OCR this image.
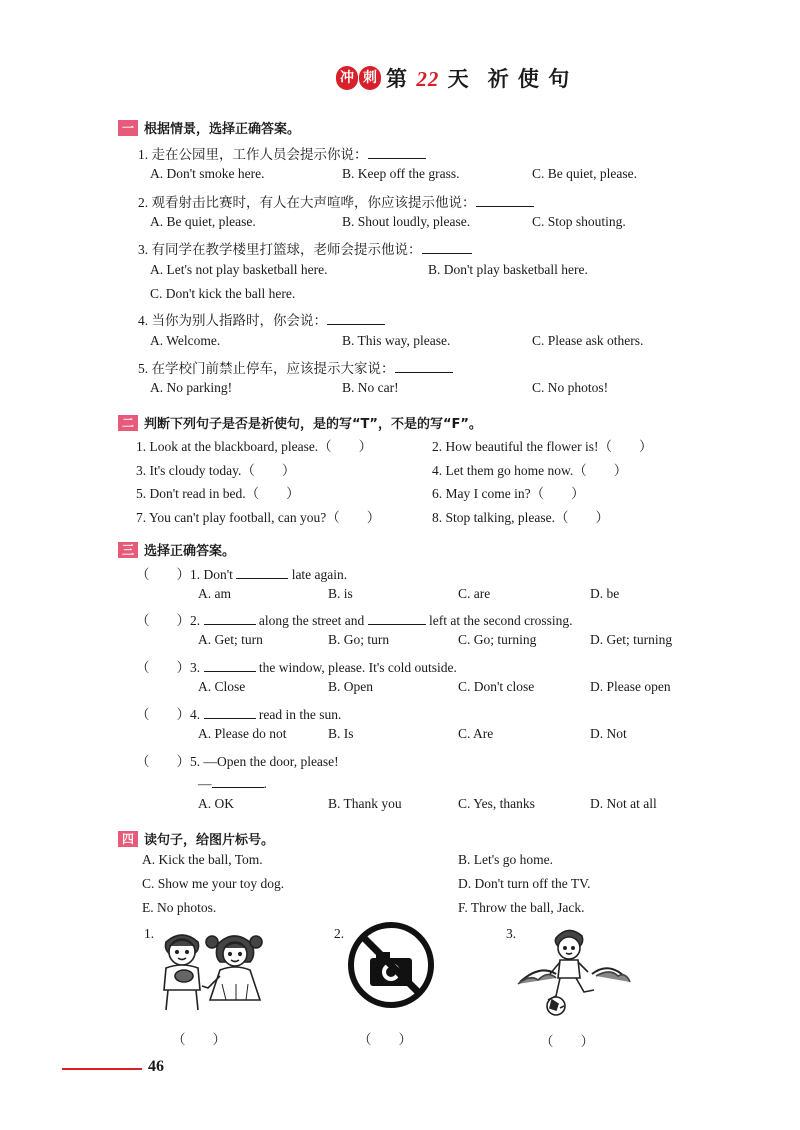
冲 刺 第 22 天 祈 使 句
一 根据情景，选择正确答案。
1. 走在公园里，工作人员会提示你说：
A. Don't smoke here.	B. Keep off the grass.	C. Be quiet, please.
2. 观看射击比赛时，有人在大声喧哗，你应该提示他说：
A. Be quiet, please.	B. Shout loudly, please.	C. Stop shouting.
3. 有同学在教学楼里打篮球，老师会提示他说：
A. Let's not play basketball here.	B. Don't play basketball here.
C. Don't kick the ball here.
4. 当你为别人指路时，你会说：
A. Welcome.	B. This way, please.	C. Please ask others.
5. 在学校门前禁止停车，应该提示大家说：
A. No parking!	B. No car!	C. No photos!
二 判断下列句子是否是祈使句，是的写“T”，不是的写“F”。
1. Look at the blackboard, please.（　　）	2. How beautiful the flower is!（　　）
3. It's cloudy today.（　　）	4. Let them go home now.（　　）
5. Don't read in bed.（　　）	6. May I come in?（　　）
7. You can't play football, can you?（　　）	8. Stop talking, please.（　　）
三 选择正确答案。
（　　）1. Don't	late again.
A. am	B. is	C. are	D. be
（　　）2.	along the street and	left at the second crossing.
A. Get; turn	B. Go; turn	C. Go; turning	D. Get; turning
（　　）3.	the window, please. It's cold outside.
A. Close	B. Open	C. Don't close	D. Please open
（　　）4.	read in the sun.
A. Please do not	B. Is	C. Are	D. Not
（　　）5. —Open the door, please!
—	.
A. OK	B. Thank you	C. Yes, thanks	D. Not at all
四 读句子，给图片标号。
A. Kick the ball, Tom.	B. Let's go home.
C. Show me your toy dog.	D. Don't turn off the TV.
E. No photos.	F. Throw the ball, Jack.
1.
（　　）
2.
（　　）
3.
（　　）
46
